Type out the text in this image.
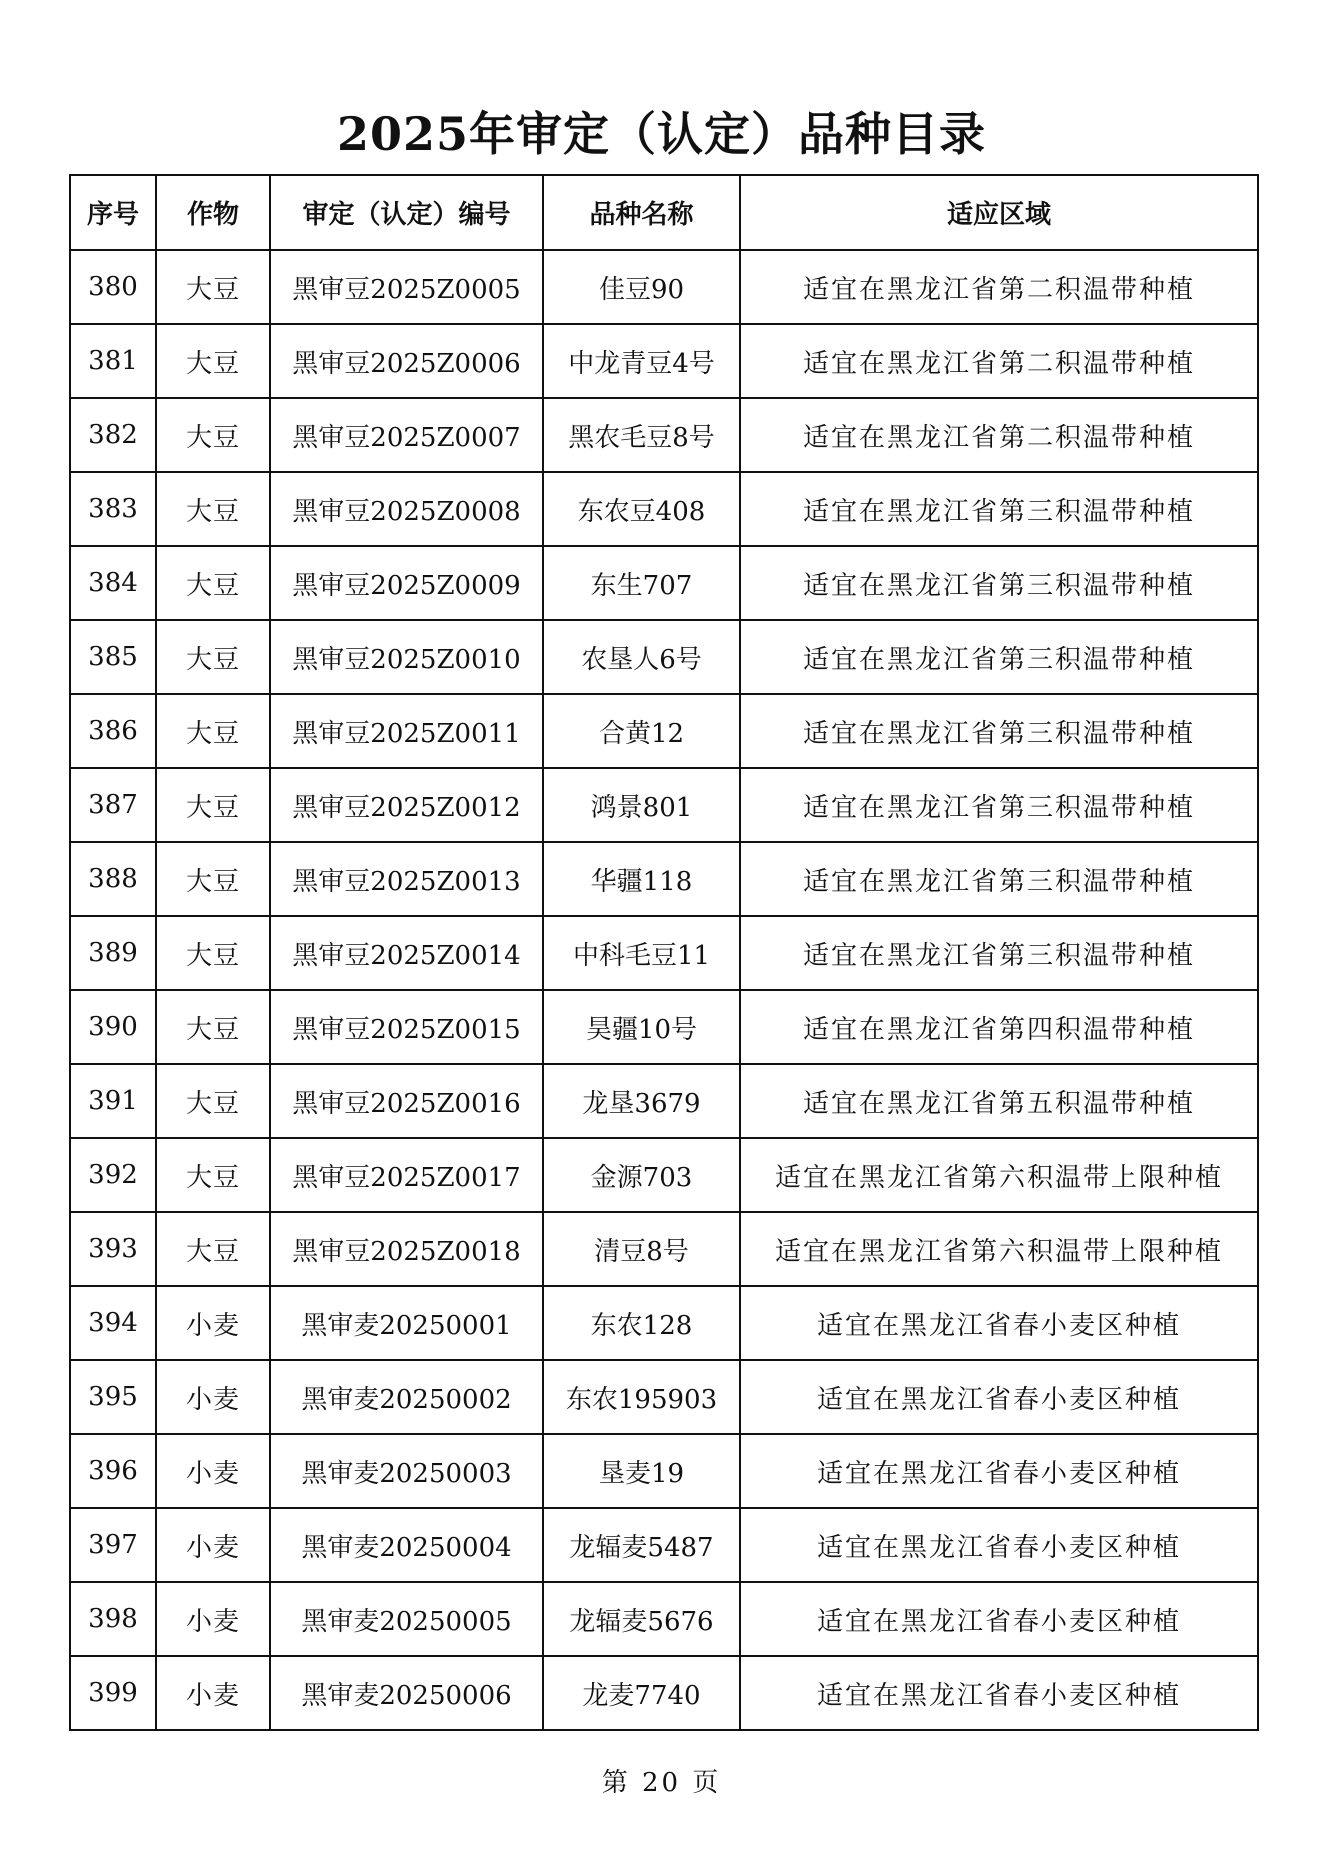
2025年审定（认定）品种目录
序号	作物	审定（认定）编号	品种名称	适应区域
380	大豆	黑审豆2025Z0005	佳豆90	适宜在黑龙江省第二积温带种植
381	大豆	黑审豆2025Z0006	中龙青豆4号	适宜在黑龙江省第二积温带种植
382	大豆	黑审豆2025Z0007	黑农毛豆8号	适宜在黑龙江省第二积温带种植
383	大豆	黑审豆2025Z0008	东农豆408	适宜在黑龙江省第三积温带种植
384	大豆	黑审豆2025Z0009	东生707	适宜在黑龙江省第三积温带种植
385	大豆	黑审豆2025Z0010	农垦人6号	适宜在黑龙江省第三积温带种植
386	大豆	黑审豆2025Z0011	合黄12	适宜在黑龙江省第三积温带种植
387	大豆	黑审豆2025Z0012	鸿景801	适宜在黑龙江省第三积温带种植
388	大豆	黑审豆2025Z0013	华疆118	适宜在黑龙江省第三积温带种植
389	大豆	黑审豆2025Z0014	中科毛豆11	适宜在黑龙江省第三积温带种植
390	大豆	黑审豆2025Z0015	昊疆10号	适宜在黑龙江省第四积温带种植
391	大豆	黑审豆2025Z0016	龙垦3679	适宜在黑龙江省第五积温带种植
392	大豆	黑审豆2025Z0017	金源703	适宜在黑龙江省第六积温带上限种植
393	大豆	黑审豆2025Z0018	清豆8号	适宜在黑龙江省第六积温带上限种植
394	小麦	黑审麦20250001	东农128	适宜在黑龙江省春小麦区种植
395	小麦	黑审麦20250002	东农195903	适宜在黑龙江省春小麦区种植
396	小麦	黑审麦20250003	垦麦19	适宜在黑龙江省春小麦区种植
397	小麦	黑审麦20250004	龙辐麦5487	适宜在黑龙江省春小麦区种植
398	小麦	黑审麦20250005	龙辐麦5676	适宜在黑龙江省春小麦区种植
399	小麦	黑审麦20250006	龙麦7740	适宜在黑龙江省春小麦区种植
第 20 页
